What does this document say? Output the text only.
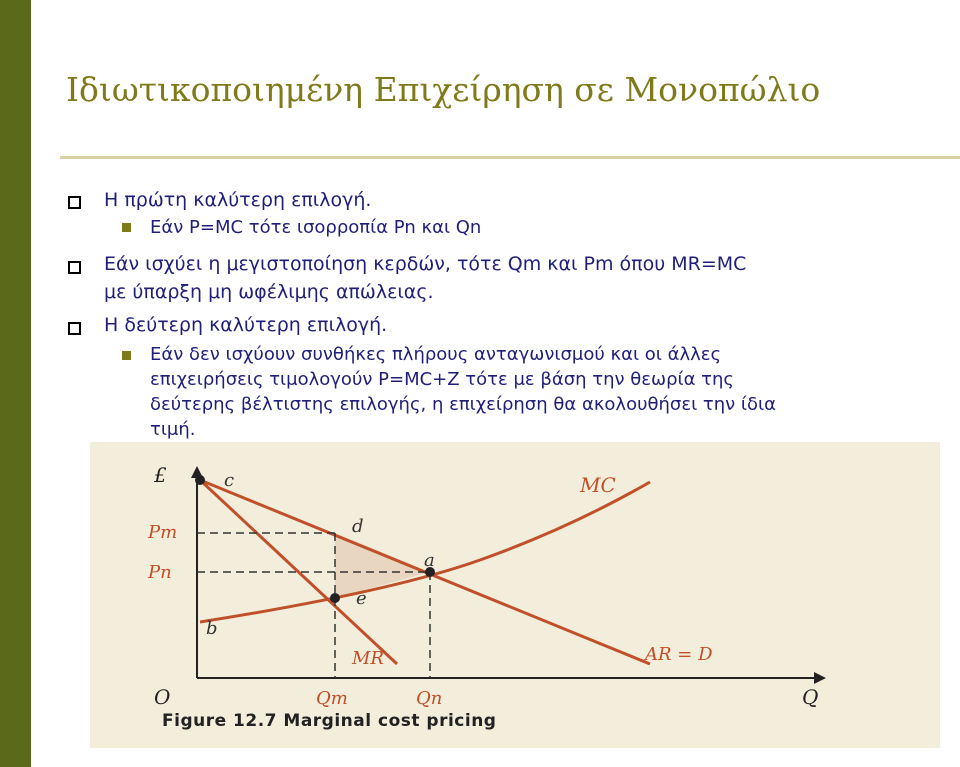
Ιδιωτικοποιημένη Επιχείρηση σε Μονοπώλιο
Η πρώτη καλύτερη επιλογή.
Εάν P=MC τότε ισορροπία Pn και Qn
Εάν ισχύει η μεγιστοποίηση κερδών, τότε Qm και Pm όπου MR=MC
με ύπαρξη μη ωφέλιμης απώλειας.
Η δεύτερη καλύτερη επιλογή.
Εάν δεν ισχύουν συνθήκες πλήρους ανταγωνισμού και οι άλλες
επιχειρήσεις τιμολογούν P=MC+Z τότε με βάση την θεωρία της
δεύτερης βέλτιστης επιλογής, η επιχείρηση θα ακολουθήσει την ίδια
τιμή.
£
Q
O
c
d
a
e
b
MC
MR	AR = D
Pm
Pn
Qm	Qn
Figure 12.7 Marginal cost pricing
